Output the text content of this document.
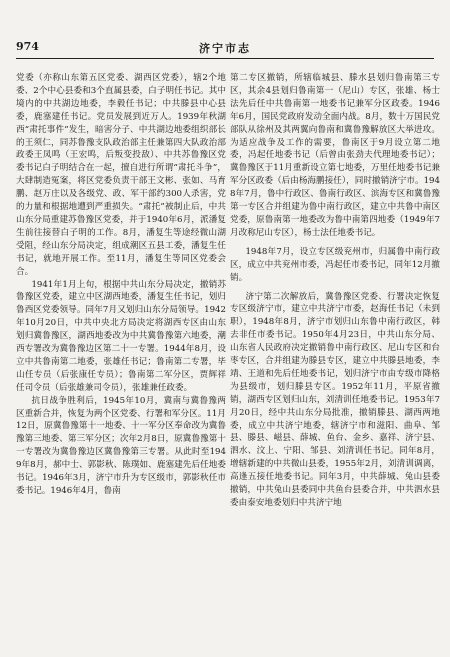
974	济宁市志

党委（亦称山东第五区党委、湖西区党委），辖2个地委、2个中心县委和3个直属县委，白子明任书记。其中境内的中共湖边地委，李毅任书记；中共滕县中心县委，鹿塞建任书记。党员发展到近万人。1939年秋湖西“肃托事件”发生，暗害分子、中共湖边地委组织部长的王须仁，同苏鲁豫支队政治部主任兼第四大队政治部政委王凤鸣（王宏鸣，后叛变投敌）、中共苏鲁豫区党委书记白子明结合在一起，擅自进行所谓“肃托斗争”，大肆制造冤案，将区党委负责干部王文彬、张如、马育鹏、赵万庄以及各级党、政、军干部约300人杀害，党的力量和根据地遭到严重损失。“肃托”被制止后，中共山东分局重建苏鲁豫区党委，并于1940年6月，派潘复生前往接替白子明的工作。8月，潘复生等途经微山湖受阻，经山东分局决定，组成潮区五县工委，潘复生任书记，就地开展工作。至11月，潘复生等同区党委会合。

1941年1月上旬，根据中共山东分局决定，撤销苏鲁豫区党委，建立中区湖西地委，潘复生任书记，划归鲁西区党委领导。同年7月又划归山东分局领导。1942年10月20日，中共中央北方局决定将湖西专区由山东划归冀鲁豫区，湖西地委改为中共冀鲁豫第六地委，潮西专署改为冀鲁豫边区第二十一专署。1944年8月，设立中共鲁南第二地委，张雄任书记；鲁南第二专署，毕山任专员（后张康任专员）；鲁南第二军分区，贾辉祥任司令员（后张雄兼司令员），张雄兼任政委。

抗日战争胜利后，1945年10月，冀南与冀鲁豫两区重新合并，恢复为两个区党委、行署和军分区。11月12日，原冀鲁豫第十一地委、十一军分区奉命改为冀鲁豫第三地委、第三军分区；次年2月8日，原冀鲁豫第十一专署改为冀鲁豫边区冀鲁豫第三专署。从此时至1949年8月，郝中士、郭影秋、陈璞如、鹿塞建先后任地委书记。1946年3月，济宁市升为专区级市，郭影秋任市委书记。1946年4月，鲁南

第二专区撤销，所辖临城县、滕水县划归鲁南第三专区，其余4县划归鲁南第一（尼山）专区，张雄、杨士法先后任中共鲁南第一地委书记兼军分区政委。1946年6月，国民党政府发动全面内战。8月，数十万国民党部队从徐州及其两翼向鲁南和冀鲁豫解放区大举进攻。为适应战争及工作的需要，鲁南区于9月设立第二地委，冯起任地委书记（后曾由张劲夫代理地委书记）；冀鲁豫区于11月重新设立第七地委，万里任地委书记兼军分区政委（后由杨海鹏接任），同时撤销济宁市。1948年7月，鲁中行政区、鲁南行政区、滨海专区和冀鲁豫第一专区合并组建为鲁中南行政区，建立中共鲁中南区党委，原鲁南第一地委改为鲁中南第四地委（1949年7月改称尼山专区），杨士法任地委书记。

1948年7月，设立专区级兖州市，归属鲁中南行政区，成立中共兖州市委，冯起任市委书记，同年12月撤销。

济宁第二次解放后，冀鲁豫区党委、行署决定恢复专区级济宁市，建立中共济宁市委，赵海任书记（未到职），1948年8月，济宁市划归山东鲁中南行政区，韩去非任市委书记。1950年4月23日，中共山东分局、山东省人民政府决定撤销鲁中南行政区、尼山专区和台枣专区，合并组建为滕县专区，建立中共滕县地委，李靖、王道和先后任地委书记，划归济宁市由专级市降格为县级市，划归滕县专区。1952年11月，平原省撤销，湖西专区划归山东，刘清训任地委书记。1953年7月20日，经中共山东分局批准，撤销滕县、湖西两地委，成立中共济宁地委，辖济宁市和滋阳、曲阜、邹县、滕县、嵫县、薛城、鱼台、金乡、嘉祥、济宁县、泗水、汶上、宁阳、邹县、刘清训任书记。同年8月，增辖新建的中共微山县委，1955年2月，刘清训调离，高逢五接任地委书记。同年3月，中共薛城、兔山县委撤销，中共兔山县委同中共鱼台县委合并，中共泗水县委由泰安地委划归中共济宁地
